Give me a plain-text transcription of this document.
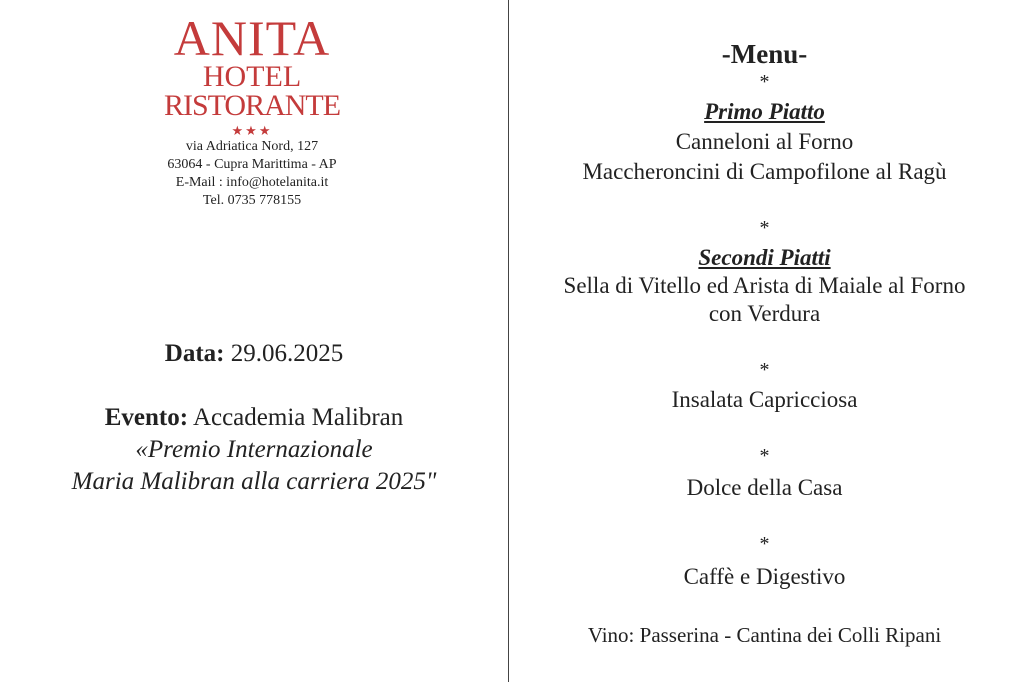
ANITA
HOTEL
RISTORANTE
★★★
via Adriatica Nord, 127
63064 - Cupra Marittima - AP
E-Mail : info@hotelanita.it
Tel. 0735 778155
Data: 29.06.2025
Evento: Accademia Malibran
«Premio Internazionale
Maria Malibran alla carriera 2025"
-Menu-
*
Primo Piatto
Canneloni al Forno
Maccheroncini di Campofilone al Ragù
*
Secondi Piatti
Sella di Vitello ed Arista di Maiale al Forno
con Verdura
*
Insalata Capricciosa
*
Dolce della Casa
*
Caffè e Digestivo
Vino: Passerina - Cantina dei Colli Ripani
